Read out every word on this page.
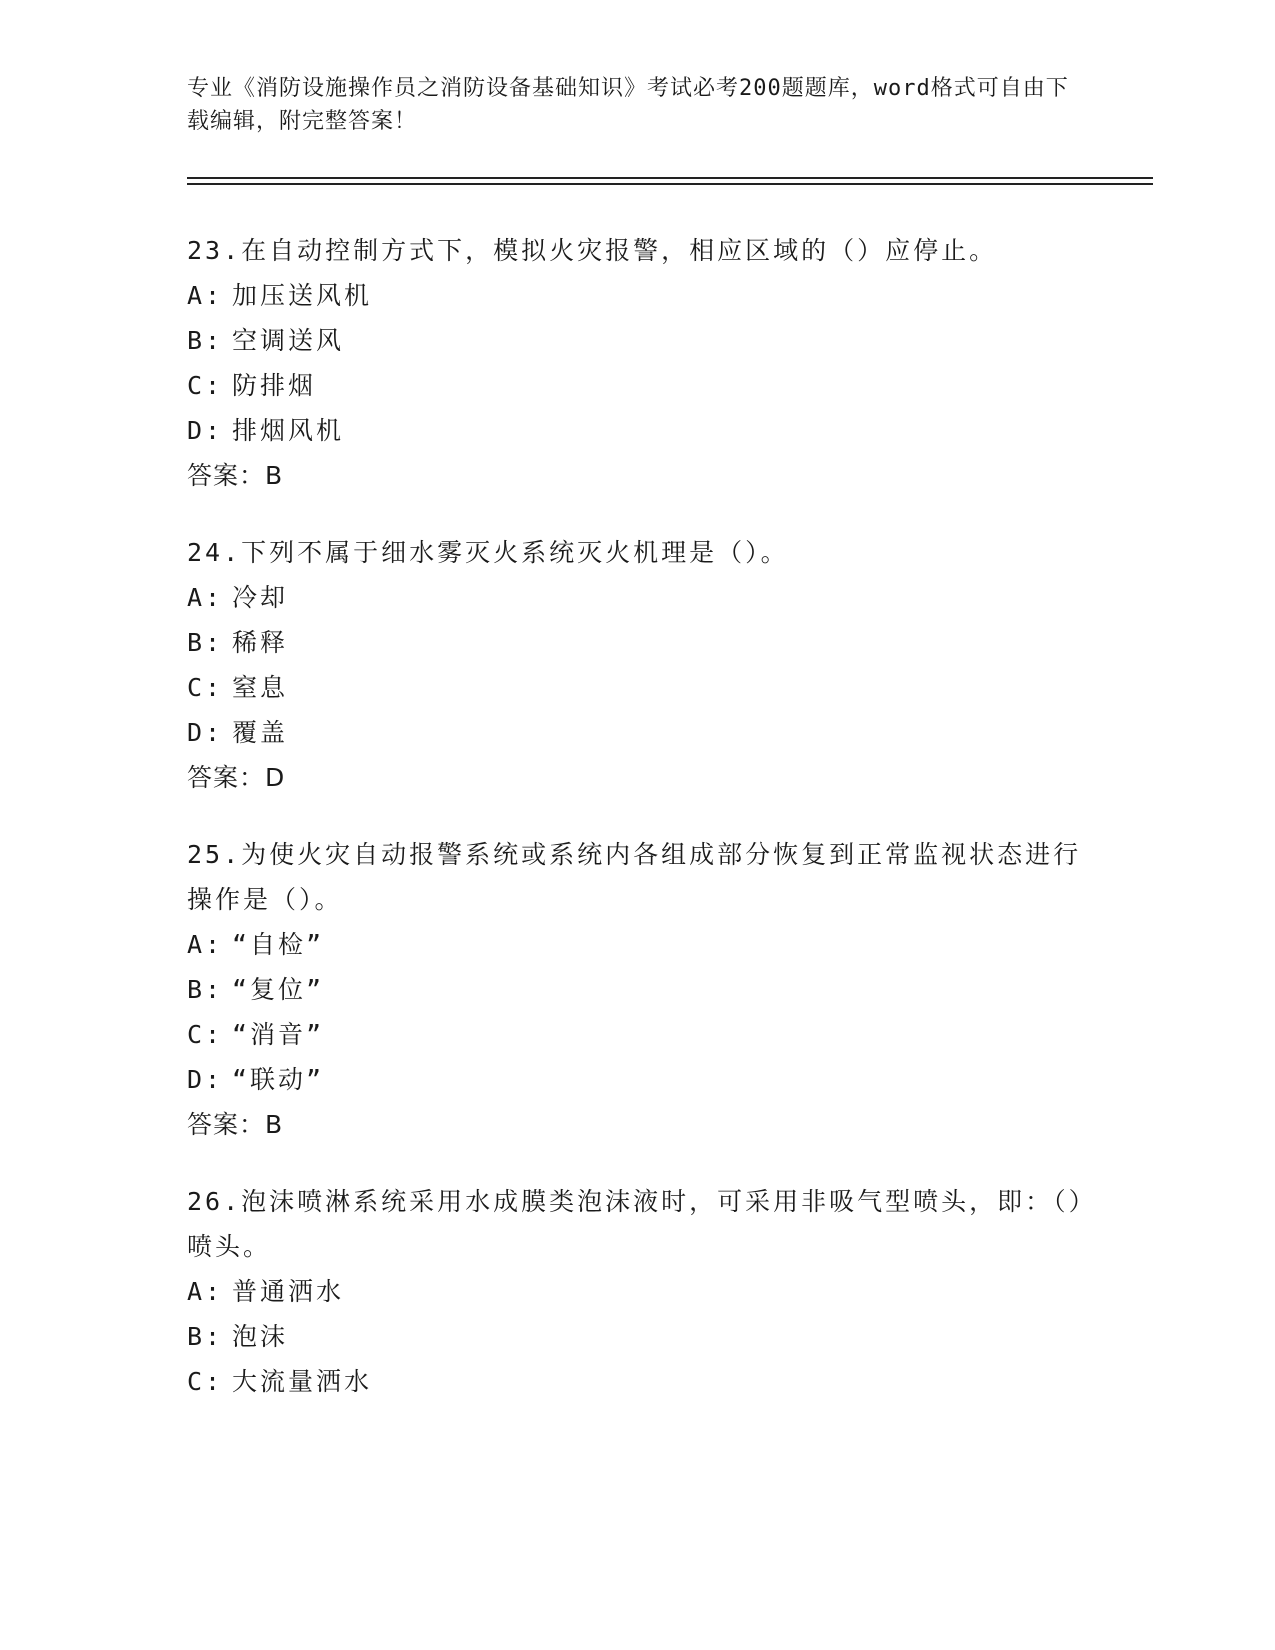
专业《消防设施操作员之消防设备基础知识》考试必考200题题库，word格式可自由下载编辑，附完整答案！
23.在自动控制方式下，模拟火灾报警，相应区域的（）应停止。
A: 加压送风机
B: 空调送风
C: 防排烟
D: 排烟风机
答案：B
24.下列不属于细水雾灭火系统灭火机理是（）。
A: 冷却
B: 稀释
C: 窒息
D: 覆盖
答案：D
25.为使火灾自动报警系统或系统内各组成部分恢复到正常监视状态进行操作是（）。
A: “自检”
B: “复位”
C: “消音”
D: “联动”
答案：B
26.泡沫喷淋系统采用水成膜类泡沫液时，可采用非吸气型喷头，即：（）喷头。
A: 普通洒水
B: 泡沫
C: 大流量洒水
